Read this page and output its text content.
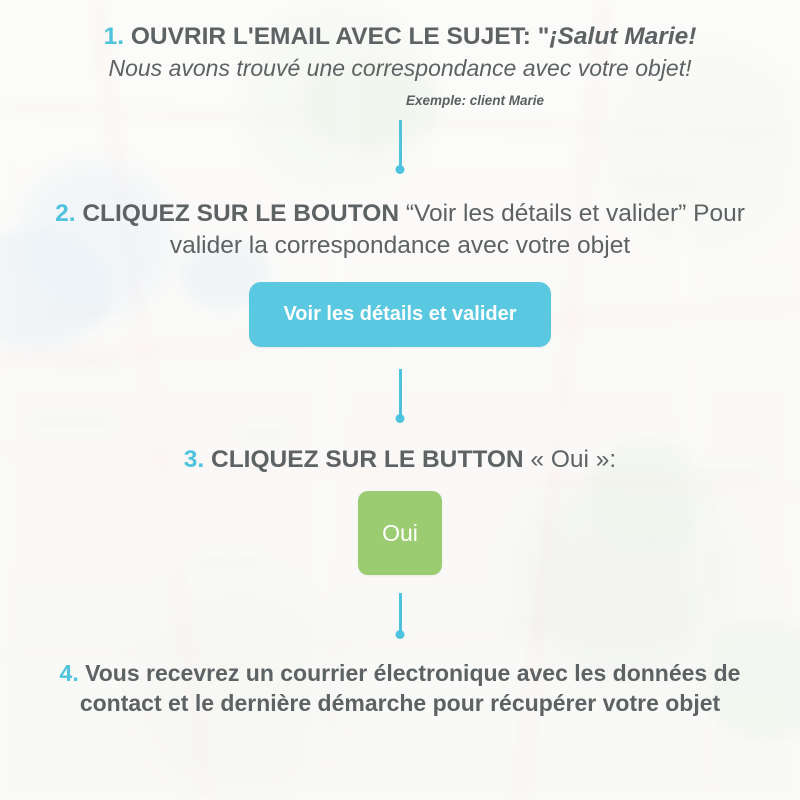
1. OUVRIR L'EMAIL AVEC LE SUJET: "¡Salut Marie!
Nous avons trouvé une correspondance avec votre objet!
Exemple: client Marie
2. CLIQUEZ SUR LE BOUTON “Voir les détails et valider” Pour valider la correspondance avec votre objet
Voir les détails et valider
3. CLIQUEZ SUR LE BUTTON « Oui »:
Oui
4. Vous recevrez un courrier électronique avec les données de contact et le dernière démarche pour récupérer votre objet
